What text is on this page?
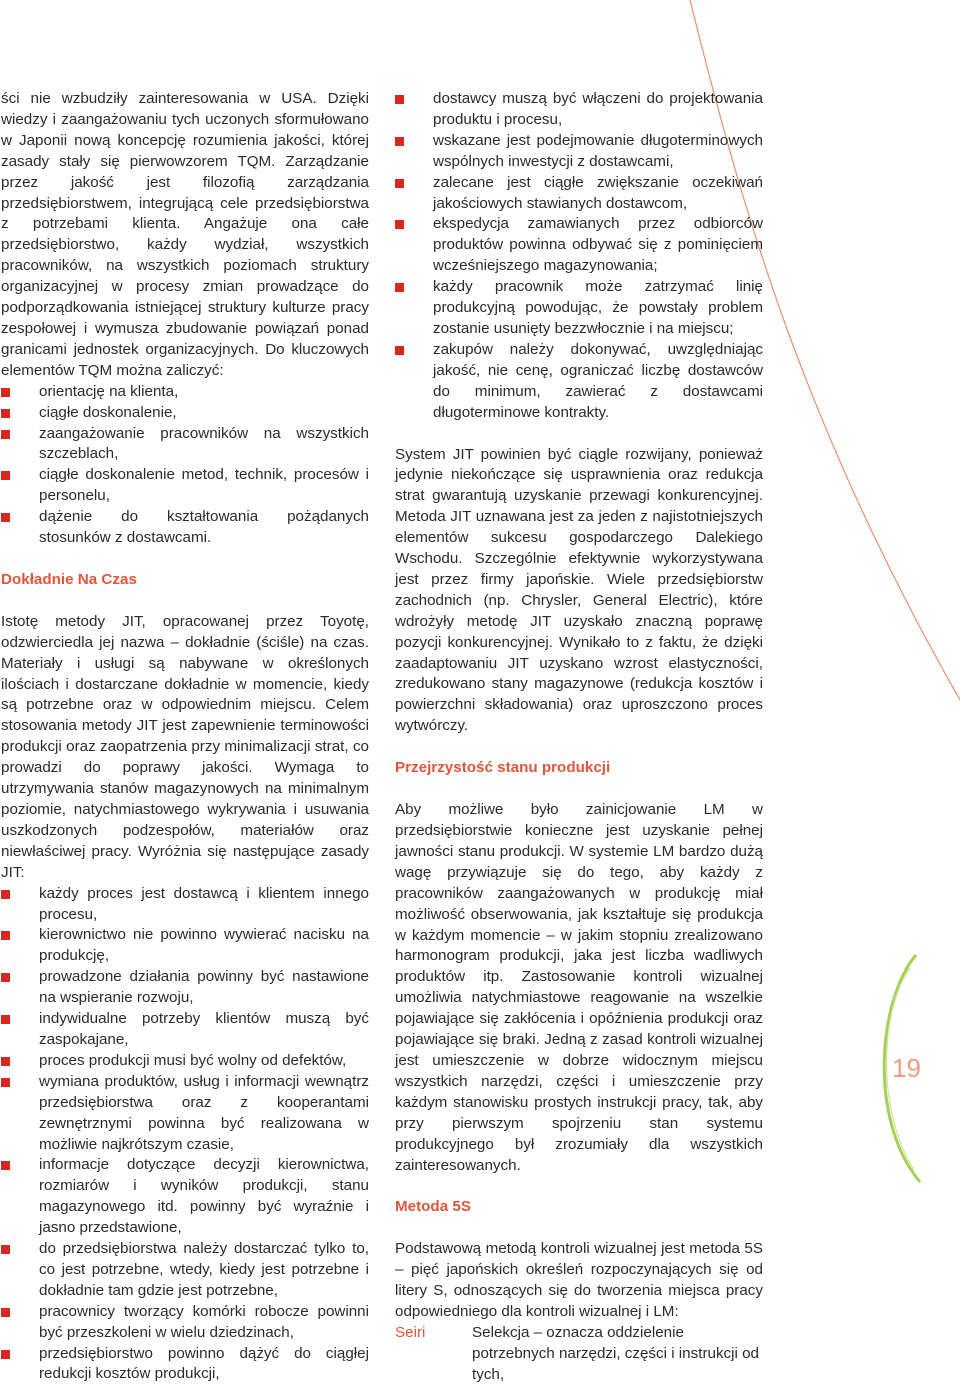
19

ści nie wzbudziły zainteresowania w USA. Dzięki wiedzy i zaangażowaniu tych uczonych sformułowano w Japonii nową koncepcję rozumienia jakości, której zasady stały się pierwowzorem TQM. Zarządzanie przez jakość jest filozofią zarządzania przedsiębiorstwem, integrującą cele przedsiębiorstwa z potrzebami klienta. Angażuje ona całe przedsiębiorstwo, każdy wydział, wszystkich pracowników, na wszystkich poziomach struktury organizacyjnej w procesy zmian prowadzące do podporządkowania istniejącej struktury kulturze pracy zespołowej i wymusza zbudowanie powiązań ponad granicami jednostek organizacyjnych. Do kluczowych elementów TQM można zaliczyć:

orientację na klienta,
ciągłe doskonalenie,
zaangażowanie pracowników na wszystkich szczeblach,
ciągłe doskonalenie metod, technik, procesów i personelu,
dążenie do kształtowania pożądanych stosunków z dostawcami.
Dokładnie Na Czas

Istotę metody JIT, opracowanej przez Toyotę, odzwierciedla jej nazwa – dokładnie (ściśle) na czas. Materiały i usługi są nabywane w określonych ilościach i dostarczane dokładnie w momencie, kiedy są potrzebne oraz w odpowiednim miejscu. Celem stosowania metody JIT jest zapewnienie terminowości produkcji oraz zaopatrzenia przy minimalizacji strat, co prowadzi do poprawy jakości. Wymaga to utrzymywania stanów magazynowych na minimalnym poziomie, natychmiastowego wykrywania i usuwania uszkodzonych podzespołów, materiałów oraz niewłaściwej pracy. Wyróżnia się następujące zasady JIT:

każdy proces jest dostawcą i klientem innego procesu,
kierownictwo nie powinno wywierać nacisku na produkcję,
prowadzone działania powinny być nastawione na wspieranie rozwoju,
indywidualne potrzeby klientów muszą być zaspokajane,
proces produkcji musi być wolny od defektów,
wymiana produktów, usług i informacji wewnątrz przedsiębiorstwa oraz z kooperantami zewnętrznymi powinna być realizowana w możliwie najkrótszym czasie,
informacje dotyczące decyzji kierownictwa, rozmiarów i wyników produkcji, stanu magazynowego itd. powinny być wyraźnie i jasno przedstawione,
do przedsiębiorstwa należy dostarczać tylko to, co jest potrzebne, wtedy, kiedy jest potrzebne i dokładnie tam gdzie jest potrzebne,
pracownicy tworzący komórki robocze powinni być przeszkoleni w wielu dziedzinach,
przedsiębiorstwo powinno dążyć do ciągłej redukcji kosztów produkcji,
dostawcy muszą być włączeni do projektowania produktu i procesu,
wskazane jest podejmowanie długoterminowych wspólnych inwestycji z dostawcami,
zalecane jest ciągłe zwiększanie oczekiwań jakościowych stawianych dostawcom,
ekspedycja zamawianych przez odbiorców produktów powinna odbywać się z pominięciem wcześniejszego magazynowania;
każdy pracownik może zatrzymać linię produkcyjną powodując, że powstały problem zostanie usunięty bezzwłocznie i na miejscu;
zakupów należy dokonywać, uwzględniając jakość, nie cenę, ograniczać liczbę dostawców do minimum, zawierać z dostawcami długoterminowe kontrakty.

System JIT powinien być ciągle rozwijany, ponieważ jedynie niekończące się usprawnienia oraz redukcja strat gwarantują uzyskanie przewagi konkurencyjnej. Metoda JIT uznawana jest za jeden z najistotniejszych elementów sukcesu gospodarczego Dalekiego Wschodu. Szczególnie efektywnie wykorzystywana jest przez firmy japońskie. Wiele przedsiębiorstw zachodnich (np. Chrysler, General Electric), które wdrożyły metodę JIT uzyskało znaczną poprawę pozycji konkurencyjnej. Wynikało to z faktu, że dzięki zaadaptowaniu JIT uzyskano wzrost elastyczności, zredukowano stany magazynowe (redukcja kosztów i powierzchni składowania) oraz uproszczono proces wytwórczy.

Przejrzystość stanu produkcji

Aby możliwe było zainicjowanie LM w przedsiębiorstwie konieczne jest uzyskanie pełnej jawności stanu produkcji. W systemie LM bardzo dużą wagę przywiązuje się do tego, aby każdy z pracowników zaangażowanych w produkcję miał możliwość obserwowania, jak kształtuje się produkcja w każdym momencie – w jakim stopniu zrealizowano harmonogram produkcji, jaka jest liczba wadliwych produktów itp. Zastosowanie kontroli wizualnej umożliwia natychmiastowe reagowanie na wszelkie pojawiające się zakłócenia i opóźnienia produkcji oraz pojawiające się braki. Jedną z zasad kontroli wizualnej jest umieszczenie w dobrze widocznym miejscu wszystkich narzędzi, części i umieszczenie przy każdym stanowisku prostych instrukcji pracy, tak, aby przy pierwszym spojrzeniu stan systemu produkcyjnego był zrozumiały dla wszystkich zainteresowanych.

Metoda 5S

Podstawową metodą kontroli wizualnej jest metoda 5S – pięć japońskich określeń rozpoczynających się od litery S, odnoszących się do tworzenia miejsca pracy odpowiedniego dla kontroli wizualnej i LM:

Seiri	Selekcja – oznacza oddzielenie potrzebnych narzędzi, części i instrukcji od tych,
